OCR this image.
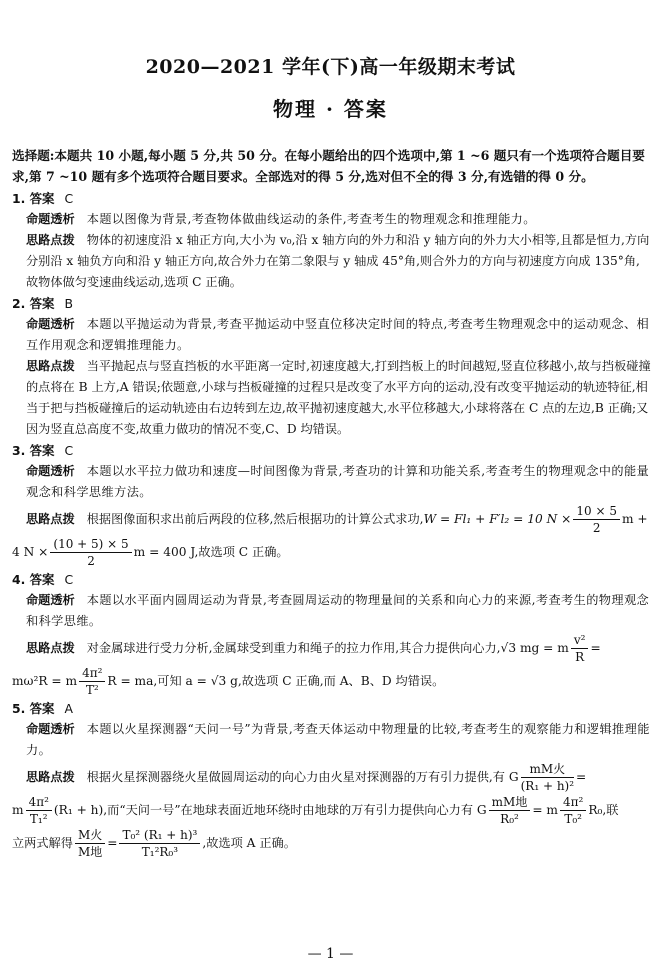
2020—2021 学年(下)高一年级期末考试
物理 · 答案
选择题:本题共 10 小题,每小题 5 分,共 50 分。在每小题给出的四个选项中,第 1 ~6 题只有一个选项符合题目要求,第 7 ~10 题有多个选项符合题目要求。全部选对的得 5 分,选对但不全的得 3 分,有选错的得 0 分。

1. 答案 C

命题透析 本题以图像为背景,考查物体做曲线运动的条件,考查考生的物理观念和推理能力。

思路点拨 物体的初速度沿 x 轴正方向,大小为 v₀,沿 x 轴方向的外力和沿 y 轴方向的外力大小相等,且都是恒力,方向分别沿 x 轴负方向和沿 y 轴正方向,故合外力在第二象限与 y 轴成 45°角,则合外力的方向与初速度方向成 135°角,故物体做匀变速曲线运动,选项 C 正确。

2. 答案 B

命题透析 本题以平抛运动为背景,考查平抛运动中竖直位移决定时间的特点,考查考生物理观念中的运动观念、相互作用观念和逻辑推理能力。

思路点拨 当平抛起点与竖直挡板的水平距离一定时,初速度越大,打到挡板上的时间越短,竖直位移越小,故与挡板碰撞的点将在 B 上方,A 错误;依题意,小球与挡板碰撞的过程只是改变了水平方向的运动,没有改变平抛运动的轨迹特征,相当于把与挡板碰撞后的运动轨迹由右边转到左边,故平抛初速度越大,水平位移越大,小球将落在 C 点的左边,B 正确;又因为竖直总高度不变,故重力做功的情况不变,C、D 均错误。

3. 答案 C

命题透析 本题以水平拉力做功和速度—时间图像为背景,考查功的计算和功能关系,考查考生的物理观念中的能量观念和科学思维方法。

思路点拨 根据图像面积求出前后两段的位移,然后根据功的计算公式求功,W = Fl₁ + F′l₂ = 10 $N \times \frac{10 \times 5}{2}$ m +

4 $N \times \frac{(10 + 5) \times 5}{2}$ m = 400 J,故选项 C 正确。

4. 答案 C

命题透析 本题以水平面内圆周运动为背景,考查圆周运动的物理量间的关系和向心力的来源,考查考生的物理观念和科学思维。

思路点拨 对金属球进行受力分析,金属球受到重力和绳子的拉力作用,其合力提供向心力,√3 mg = m $\frac{\text{v²}}{R}$ =

mω²R = m $\frac{\text{4π²}}{\text{T²}}$ R = ma,可知 a = √3 g,故选项 C 正确,而 A、B、D 均错误。

5. 答案 A

命题透析 本题以火星探测器“天问一号”为背景,考查天体运动中物理量的比较,考查考生的观察能力和逻辑推理能力。

思路点拨 根据火星探测器绕火星做圆周运动的向心力由火星对探测器的万有引力提供,有 G $\frac{\text{mM火}}{\text{(R₁ + h)²}}$ =

m $\frac{\text{4π²}}{\text{T₁²}} (R_1 + h)$,而“天问一号”在地球表面近地环绕时由地球的万有引力提供向心力有 G $\frac{\text{mM地}}{\text{R₀²}} = m \frac{\text{4π²}}{\text{T₀²}} R_0$,联

立两式解得 $\frac{\text{M火}}{\text{M地}} = \frac{\text{T₀² (R₁ + h)³}}{\text{T₁²R₀³}}$ ,故选项 A 正确。

— 1 —
